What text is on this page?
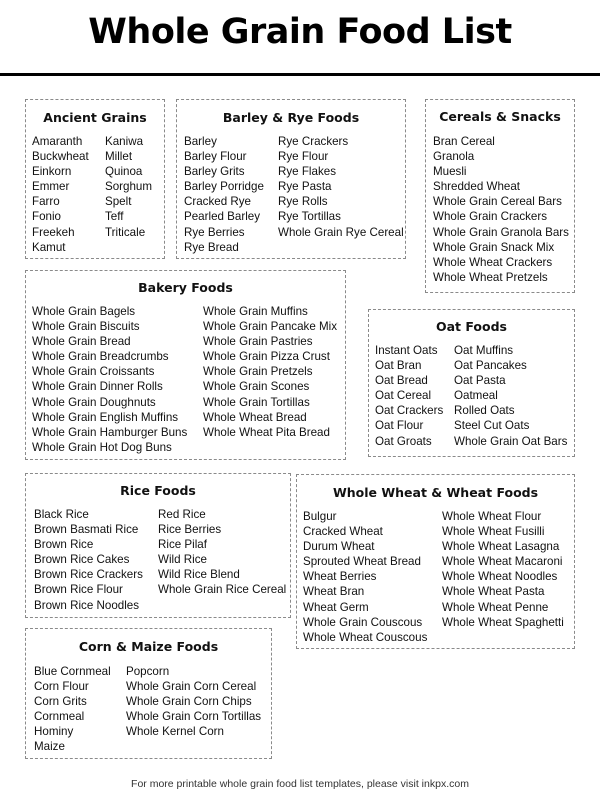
Whole Grain Food List
Ancient Grains
Amaranth
Buckwheat
Einkorn
Emmer
Farro
Fonio
Freekeh
Kamut
Kaniwa
Millet
Quinoa
Sorghum
Spelt
Teff
Triticale
Barley & Rye Foods
Barley
Barley Flour
Barley Grits
Barley Porridge
Cracked Rye
Pearled Barley
Rye Berries
Rye Bread
Rye Crackers
Rye Flour
Rye Flakes
Rye Pasta
Rye Rolls
Rye Tortillas
Whole Grain Rye Cereal
Cereals & Snacks
Bran Cereal
Granola
Muesli
Shredded Wheat
Whole Grain Cereal Bars
Whole Grain Crackers
Whole Grain Granola Bars
Whole Grain Snack Mix
Whole Wheat Crackers
Whole Wheat Pretzels
Bakery Foods
Whole Grain Bagels
Whole Grain Biscuits
Whole Grain Bread
Whole Grain Breadcrumbs
Whole Grain Croissants
Whole Grain Dinner Rolls
Whole Grain Doughnuts
Whole Grain English Muffins
Whole Grain Hamburger Buns
Whole Grain Hot Dog Buns
Whole Grain Muffins
Whole Grain Pancake Mix
Whole Grain Pastries
Whole Grain Pizza Crust
Whole Grain Pretzels
Whole Grain Scones
Whole Grain Tortillas
Whole Wheat Bread
Whole Wheat Pita Bread
Oat Foods
Instant Oats
Oat Bran
Oat Bread
Oat Cereal
Oat Crackers
Oat Flour
Oat Groats
Oat Muffins
Oat Pancakes
Oat Pasta
Oatmeal
Rolled Oats
Steel Cut Oats
Whole Grain Oat Bars
Rice Foods
Black Rice
Brown Basmati Rice
Brown Rice
Brown Rice Cakes
Brown Rice Crackers
Brown Rice Flour
Brown Rice Noodles
Red Rice
Rice Berries
Rice Pilaf
Wild Rice
Wild Rice Blend
Whole Grain Rice Cereal
Whole Wheat & Wheat Foods
Bulgur
Cracked Wheat
Durum Wheat
Sprouted Wheat Bread
Wheat Berries
Wheat Bran
Wheat Germ
Whole Grain Couscous
Whole Wheat Couscous
Whole Wheat Flour
Whole Wheat Fusilli
Whole Wheat Lasagna
Whole Wheat Macaroni
Whole Wheat Noodles
Whole Wheat Pasta
Whole Wheat Penne
Whole Wheat Spaghetti
Corn & Maize Foods
Blue Cornmeal
Corn Flour
Corn Grits
Cornmeal
Hominy
Maize
Popcorn
Whole Grain Corn Cereal
Whole Grain Corn Chips
Whole Grain Corn Tortillas
Whole Kernel Corn
For more printable whole grain food list templates, please visit inkpx.com
